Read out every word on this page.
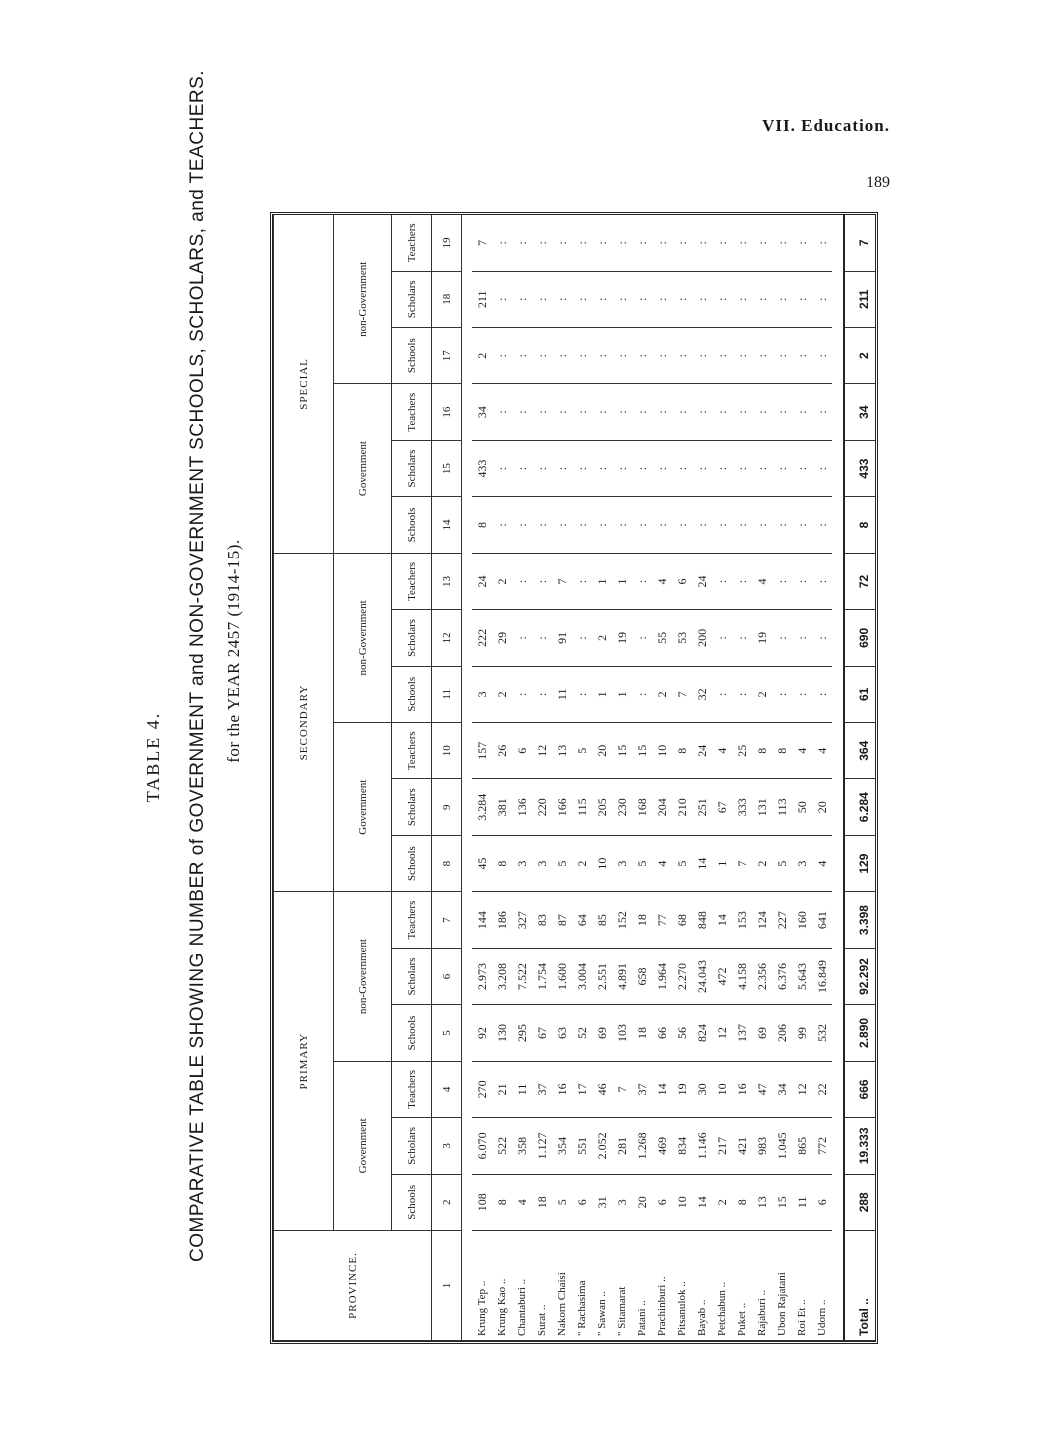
VII. Education.
189
TABLE 4. COMPARATIVE TABLE SHOWING NUMBER of GOVERNMENT and NON-GOVERNMENT SCHOOLS, SCHOLARS, and TEACHERS. for the YEAR 2457 (1914-15).
PROVINCE.	PRIMARY						SECONDARY						SPECIAL					
	Government			non-Government			Government			non-Government			Government			non-Government		
	Schools	Scholars	Teachers	Schools	Scholars	Teachers	Schools	Scholars	Teachers	Schools	Scholars	Teachers	Schools	Scholars	Teachers	Schools	Scholars	Teachers
1	2	3	4	5	6	7	8	9	10	11	12	13	14	15	16	17	18	19

Krung Tep ..	108	6.070	270	92	2.973	144	45	3.284	157	3	222	24	8	433	34	2	211	7
Krung Kao ..	8	522	21	130	3.208	186	8	381	26	2	29	2	:	:	:	:	:	:
Chantaburi ..	4	358	11	295	7.522	327	3	136	6	:	:	:	:	:	:	:	:	:
Surat ..	18	1.127	37	67	1.754	83	3	220	12	:	:	:	:	:	:	:	:	:
Nakorn Chaisi	5	354	16	63	1.600	87	5	166	13	11	91	7	:	:	:	:	:	:
" Rachasima	6	551	17	52	3.004	64	2	115	5	:	:	:	:	:	:	:	:	:
" Sawan ..	31	2.052	46	69	2.551	85	10	205	20	1	2	1	:	:	:	:	:	:
" Sitamarat	3	281	7	103	4.891	152	3	230	15	1	19	1	:	:	:	:	:	:
Patani ..	20	1.268	37	18	658	18	5	168	15	:	:	:	:	:	:	:	:	:
Prachinburi ..	6	469	14	66	1.964	77	4	204	10	2	55	4	:	:	:	:	:	:
Pitsanulok ..	10	834	19	56	2.270	68	5	210	8	7	53	6	:	:	:	:	:	:
Bayab ..	14	1.146	30	824	24.043	848	14	251	24	32	200	24	:	:	:	:	:	:
Petchabun ..	2	217	10	12	472	14	1	67	4	:	:	:	:	:	:	:	:	:
Puket ..	8	421	16	137	4.158	153	7	333	25	:	:	:	:	:	:	:	:	:
Rajaburi ..	13	983	47	69	2.356	124	2	131	8	2	19	4	:	:	:	:	:	:
Ubon Rajatani	15	1.045	34	206	6.376	227	5	113	8	:	:	:	:	:	:	:	:	:
Roi Et ..	11	865	12	99	5.643	160	3	50	4	:	:	:	:	:	:	:	:	:
Udorn ..	6	772	22	532	16.849	641	4	20	4	:	:	:	:	:	:	:	:	:

Total ..	288	19.333	666	2.890	92.292	3.398	129	6.284	364	61	690	72	8	433	34	2	211	7
